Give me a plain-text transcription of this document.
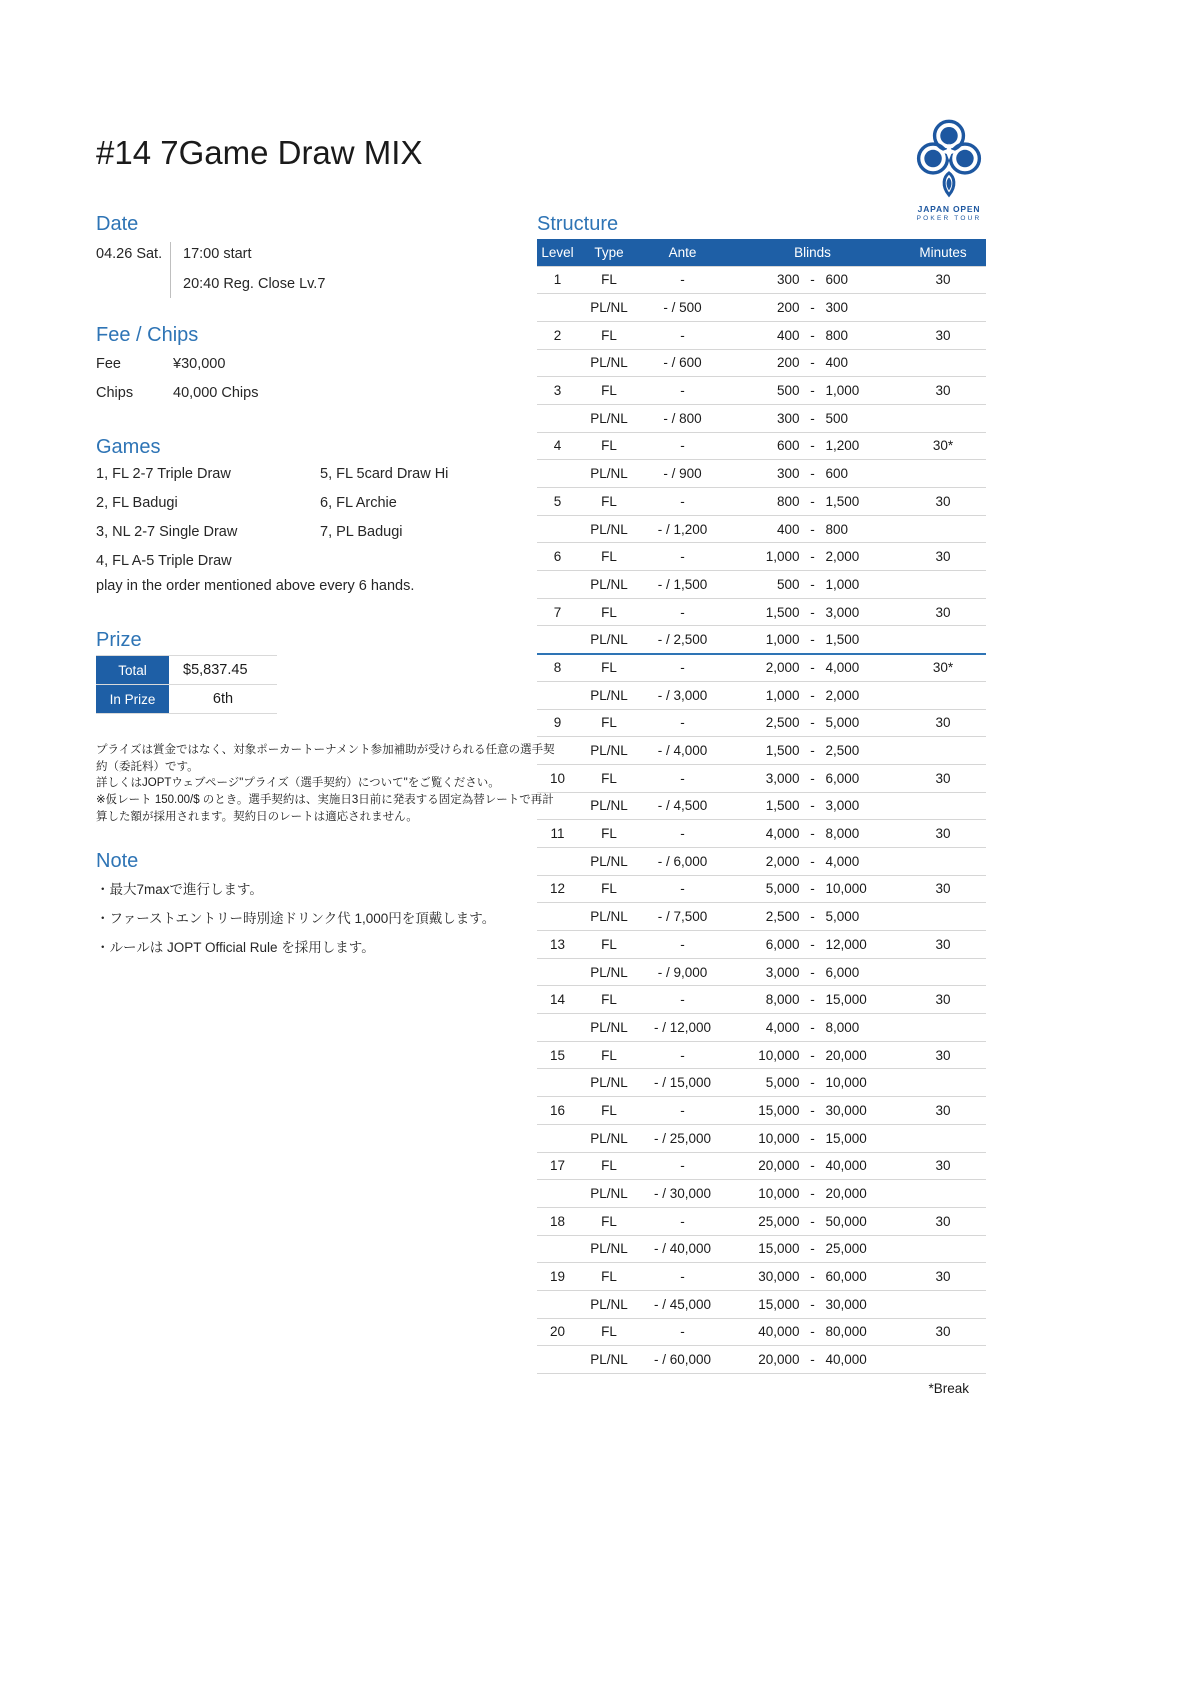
#14 7Game Draw MIX
JAPAN OPEN
POKER TOUR
Date
04.26 Sat. 17:00 start
20:40 Reg. Close Lv.7
Fee / Chips
Fee	¥30,000
Chips	40,000 Chips
Games
1, FL 2-7 Triple Draw
2, FL Badugi
3, NL 2-7 Single Draw
4, FL A-5 Triple Draw
5, FL 5card Draw Hi
6, FL Archie
7, PL Badugi
play in the order mentioned above every 6 hands.
Prize
Total	$5,837.45
In Prize	6th
プライズは賞金ではなく、対象ポーカートーナメント参加補助が受けられる任意の選手契約（委託料）です。
詳しくはJOPTウェブページ"プライズ（選手契約）について"をご覧ください。
※仮レート 150.00/$ のとき。選手契約は、実施日3日前に発表する固定為替レートで再計算した額が採用されます。契約日のレートは適応されません。
Note
・最大7maxで進行します。
・ファーストエントリー時別途ドリンク代 1,000円を頂戴します。
・ルールは JOPT Official Rule を採用します。
Structure
Level	Type	Ante	Blinds	Minutes
1	FL	-	300 - 600	30
	PL/NL	- / 500	200 - 300	

2	FL	-	400 - 800	30
	PL/NL	- / 600	200 - 400	

3	FL	-	500 - 1,000	30
	PL/NL	- / 800	300 - 500	

4	FL	-	600 - 1,200	30*
	PL/NL	- / 900	300 - 600	

5	FL	-	800 - 1,500	30
	PL/NL	- / 1,200	400 - 800	

6	FL	-	1,000 - 2,000	30
	PL/NL	- / 1,500	500 - 1,000	

7	FL	-	1,500 - 3,000	30
	PL/NL	- / 2,500	1,000 - 1,500	

8	FL	-	2,000 - 4,000	30*
	PL/NL	- / 3,000	1,000 - 2,000	

9	FL	-	2,500 - 5,000	30
	PL/NL	- / 4,000	1,500 - 2,500	

10	FL	-	3,000 - 6,000	30
	PL/NL	- / 4,500	1,500 - 3,000	

11	FL	-	4,000 - 8,000	30
	PL/NL	- / 6,000	2,000 - 4,000	

12	FL	-	5,000 - 10,000	30
	PL/NL	- / 7,500	2,500 - 5,000	

13	FL	-	6,000 - 12,000	30
	PL/NL	- / 9,000	3,000 - 6,000	

14	FL	-	8,000 - 15,000	30
	PL/NL	- / 12,000	4,000 - 8,000	

15	FL	-	10,000 - 20,000	30
	PL/NL	- / 15,000	5,000 - 10,000	

16	FL	-	15,000 - 30,000	30
	PL/NL	- / 25,000	10,000 - 15,000	

17	FL	-	20,000 - 40,000	30
	PL/NL	- / 30,000	10,000 - 20,000	

18	FL	-	25,000 - 50,000	30
	PL/NL	- / 40,000	15,000 - 25,000	

19	FL	-	30,000 - 60,000	30
	PL/NL	- / 45,000	15,000 - 30,000	

20	FL	-	40,000 - 80,000	30
	PL/NL	- / 60,000	20,000 - 40,000	

*Break
